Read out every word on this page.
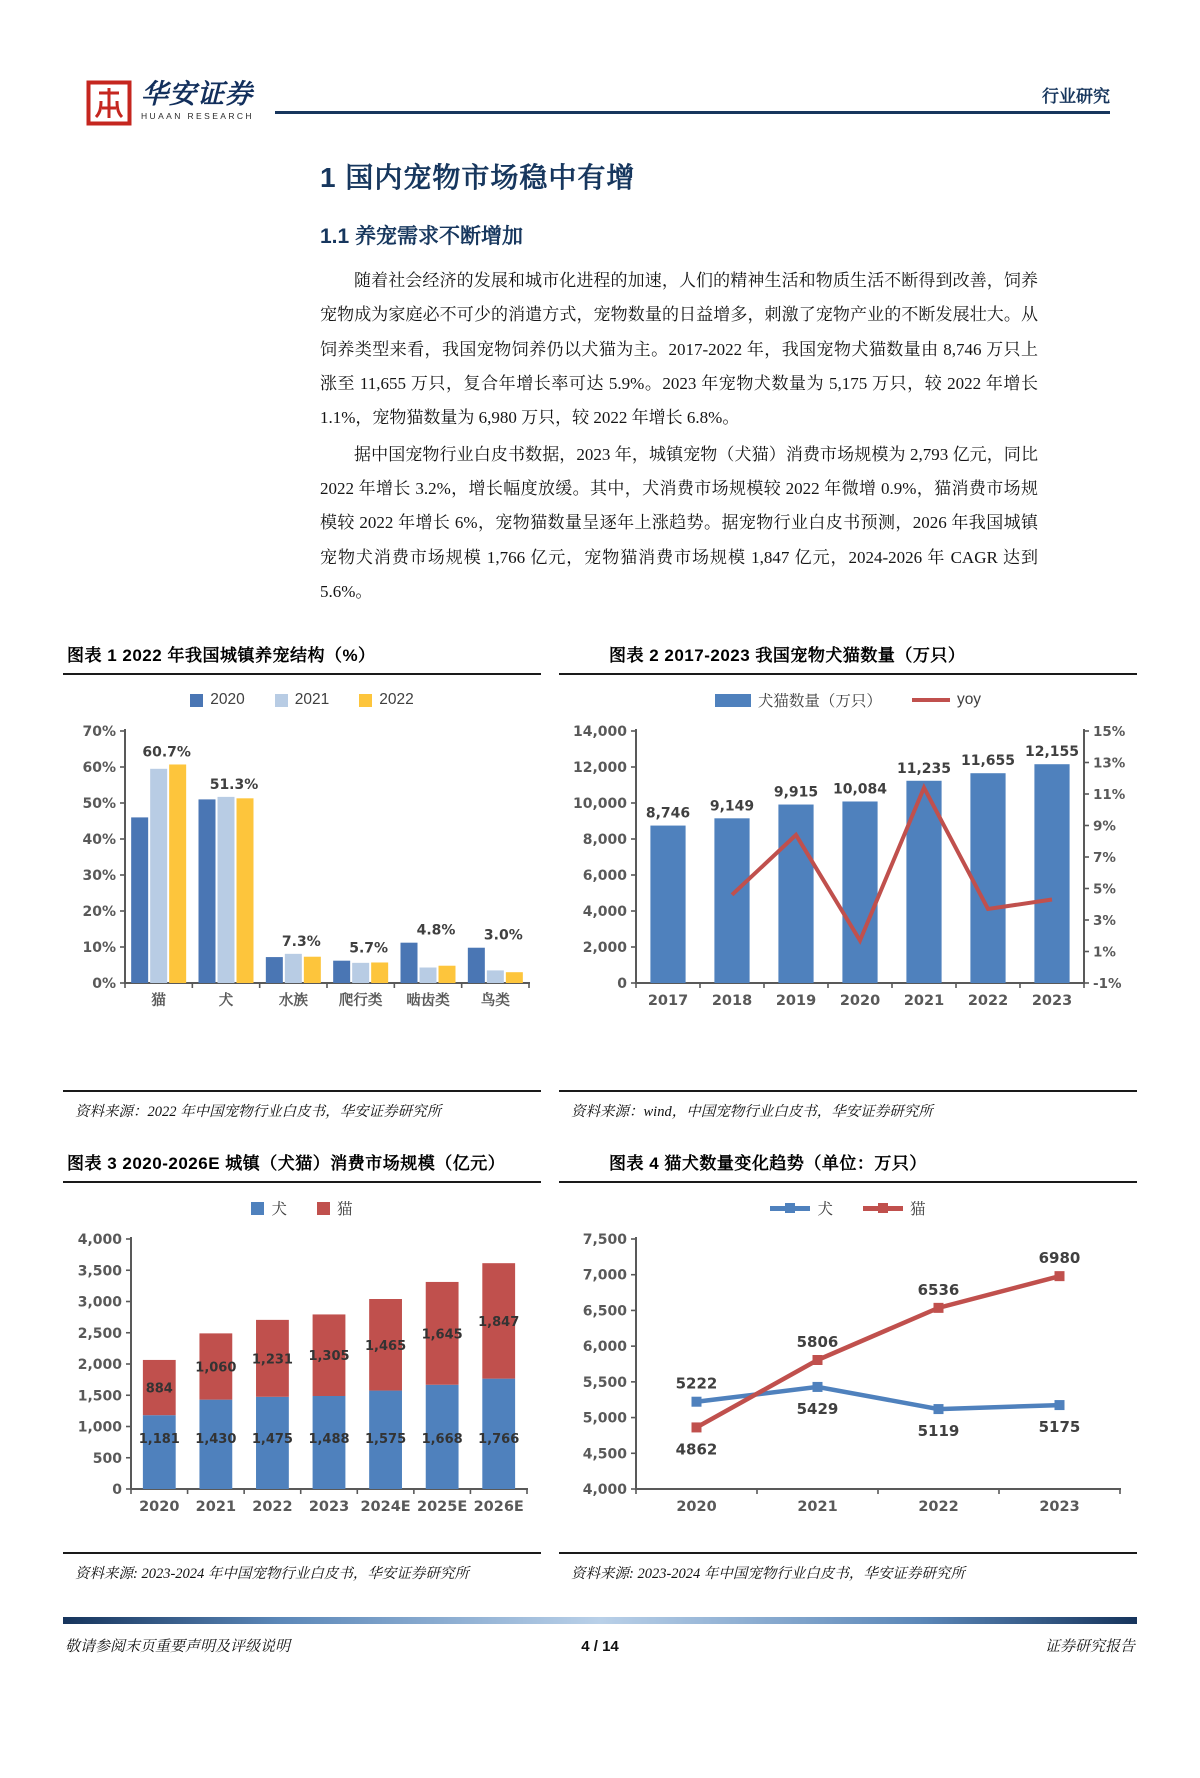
华安证券
HUAAN RESEARCH
行业研究
1 国内宠物市场稳中有增
1.1 养宠需求不断增加

随着社会经济的发展和城市化进程的加速，人们的精神生活和物质生活不断得到改善，饲养宠物成为家庭必不可少的消遣方式，宠物数量的日益增多，刺激了宠物产业的不断发展壮大。从饲养类型来看，我国宠物饲养仍以犬猫为主。2017-2022 年，我国宠物犬猫数量由 8,746 万只上涨至 11,655 万只，复合年增长率可达 5.9%。2023 年宠物犬数量为 5,175 万只，较 2022 年增长 1.1%，宠物猫数量为 6,980 万只，较 2022 年增长 6.8%。

据中国宠物行业白皮书数据，2023 年，城镇宠物（犬猫）消费市场规模为 2,793 亿元，同比 2022 年增长 3.2%，增长幅度放缓。其中，犬消费市场规模较 2022 年微增 0.9%，猫消费市场规模较 2022 年增长 6%，宠物猫数量呈逐年上涨趋势。据宠物行业白皮书预测，2026 年我国城镇宠物犬消费市场规模 1,766 亿元，宠物猫消费市场规模 1,847 亿元，2024-2026 年 CAGR 达到 5.6%。

图表 1 2022 年我国城镇养宠结构（%）
2020	2021	2022
0%
10%
20%
30%
40%
50%
60%
70%
猫	犬	水族 爬行类 啮齿类 鸟类
60.7%
51.3%
7.3% 5.7%
4.8% 3.0%
资料来源：2022 年中国宠物行业白皮书，华安证券研究所
图表 2 2017-2023 我国宠物犬猫数量（万只）
犬猫数量（万只）	yoy
0
2,000
4,000
6,000
8,000
10,000
12,000
14,000
2017 2018 2019 2020 2021 2022 2023
15%
13%
11%
9%
7%
5%
3%
1%
-1%
8,746 9,149
9,915 10,084
11,235 11,655
12,155
资料来源：wind，中国宠物行业白皮书，华安证券研究所
图表 3 2020-2026E 城镇（犬猫）消费市场规模（亿元）
犬	猫
0
500
1,000
1,500
2,000
2,500
3,000
3,500
4,000
2020 2021 2022 2023 2024E 2025E 2026E
1,181
884
1,430
1,060
1,475
1,231
1,488
1,305
1,575
1,465
1,668
1,645
1,766
1,847
资料来源: 2023-2024 年中国宠物行业白皮书，华安证券研究所
图表 4 猫犬数量变化趋势（单位：万只）
犬	猫
4,000
4,500
5,000
5,500
6,000
6,500
7,000
7,500
2020	2021	2022	2023
5222
5429
5119	5175
4862
5806
6536
6980
资料来源: 2023-2024 年中国宠物行业白皮书，华安证券研究所
敬请参阅末页重要声明及评级说明	4 / 14	证券研究报告
